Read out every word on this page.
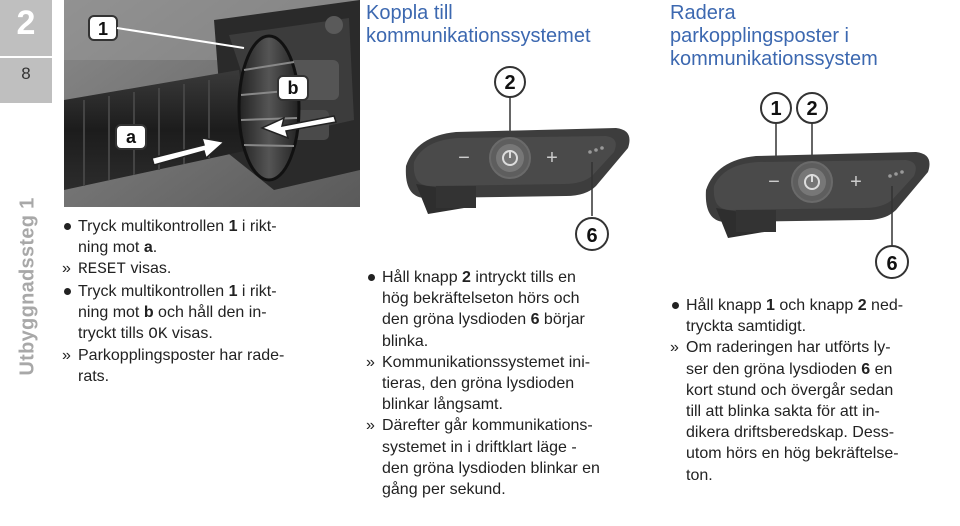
2
8
Utbyggnadssteg 1
1
a
b
Tryck multikontrollen 1 i rikt-
ning mot a.
» RESET visas.
Tryck multikontrollen 1 i rikt-
ning mot b och håll den in-
tryckt tills OK visas.
» Parkopplingsposter har rade-
rats.
Koppla till
kommunikationssystemet
2
−	+
6
Håll knapp 2 intryckt tills en
hög bekräftelseton hörs och
den gröna lysdioden 6 börjar
blinka.
» Kommunikationssystemet ini-
tieras, den gröna lysdioden
blinkar långsamt.
» Därefter går kommunikations-
systemet in i driftklart läge -
den gröna lysdioden blinkar en
gång per sekund.
Radera
parkopplingsposter i
kommunikationssystem
1 2
−	+
6
Håll knapp 1 och knapp 2 ned-
tryckta samtidigt.
» Om raderingen har utförts ly-
ser den gröna lysdioden 6 en
kort stund och övergår sedan
till att blinka sakta för att in-
dikera driftsberedskap. Dess-
utom hörs en hög bekräftelse-
ton.
